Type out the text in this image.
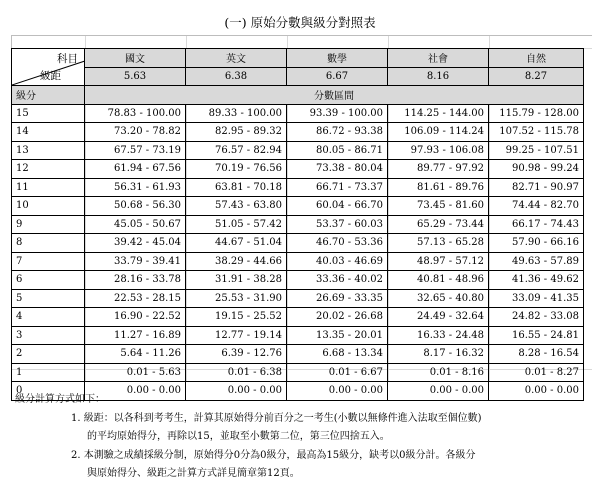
(一) 原始分數與級分對照表
科目
級距	國文	英文	數學	社會	自然
	5.63	6.38	6.67	8.16	8.27
級分	分數區間				
15	78.83 - 100.00	89.33 - 100.00	93.39 - 100.00	114.25 - 144.00	115.79 - 128.00
14	73.20 - 78.82	82.95 - 89.32	86.72 - 93.38	106.09 - 114.24	107.52 - 115.78
13	67.57 - 73.19	76.57 - 82.94	80.05 - 86.71	97.93 - 106.08	99.25 - 107.51
12	61.94 - 67.56	70.19 - 76.56	73.38 - 80.04	89.77 - 97.92	90.98 - 99.24
11	56.31 - 61.93	63.81 - 70.18	66.71 - 73.37	81.61 - 89.76	82.71 - 90.97
10	50.68 - 56.30	57.43 - 63.80	60.04 - 66.70	73.45 - 81.60	74.44 - 82.70
9	45.05 - 50.67	51.05 - 57.42	53.37 - 60.03	65.29 - 73.44	66.17 - 74.43
8	39.42 - 45.04	44.67 - 51.04	46.70 - 53.36	57.13 - 65.28	57.90 - 66.16
7	33.79 - 39.41	38.29 - 44.66	40.03 - 46.69	48.97 - 57.12	49.63 - 57.89
6	28.16 - 33.78	31.91 - 38.28	33.36 - 40.02	40.81 - 48.96	41.36 - 49.62
5	22.53 - 28.15	25.53 - 31.90	26.69 - 33.35	32.65 - 40.80	33.09 - 41.35
4	16.90 - 22.52	19.15 - 25.52	20.02 - 26.68	24.49 - 32.64	24.82 - 33.08
3	11.27 - 16.89	12.77 - 19.14	13.35 - 20.01	16.33 - 24.48	16.55 - 24.81
2	5.64 - 11.26	6.39 - 12.76	6.68 - 13.34	8.17 - 16.32	8.28 - 16.54
1	0.01 - 5.63	0.01 - 6.38	0.01 - 6.67	0.01 - 8.16	0.01 - 8.27
0	0.00 - 0.00	0.00 - 0.00	0.00 - 0.00	0.00 - 0.00	0.00 - 0.00
級分計算方式如下：
1. 級距：以各科到考考生，計算其原始得分前百分之一考生(小數以無條件進入法取至個位數)
的平均原始得分，再除以15，並取至小數第二位，第三位四捨五入。
2. 本測驗之成績採級分制，原始得分0分為0級分，最高為15級分，缺考以0級分計。各級分
與原始得分、級距之計算方式詳見簡章第12頁。
